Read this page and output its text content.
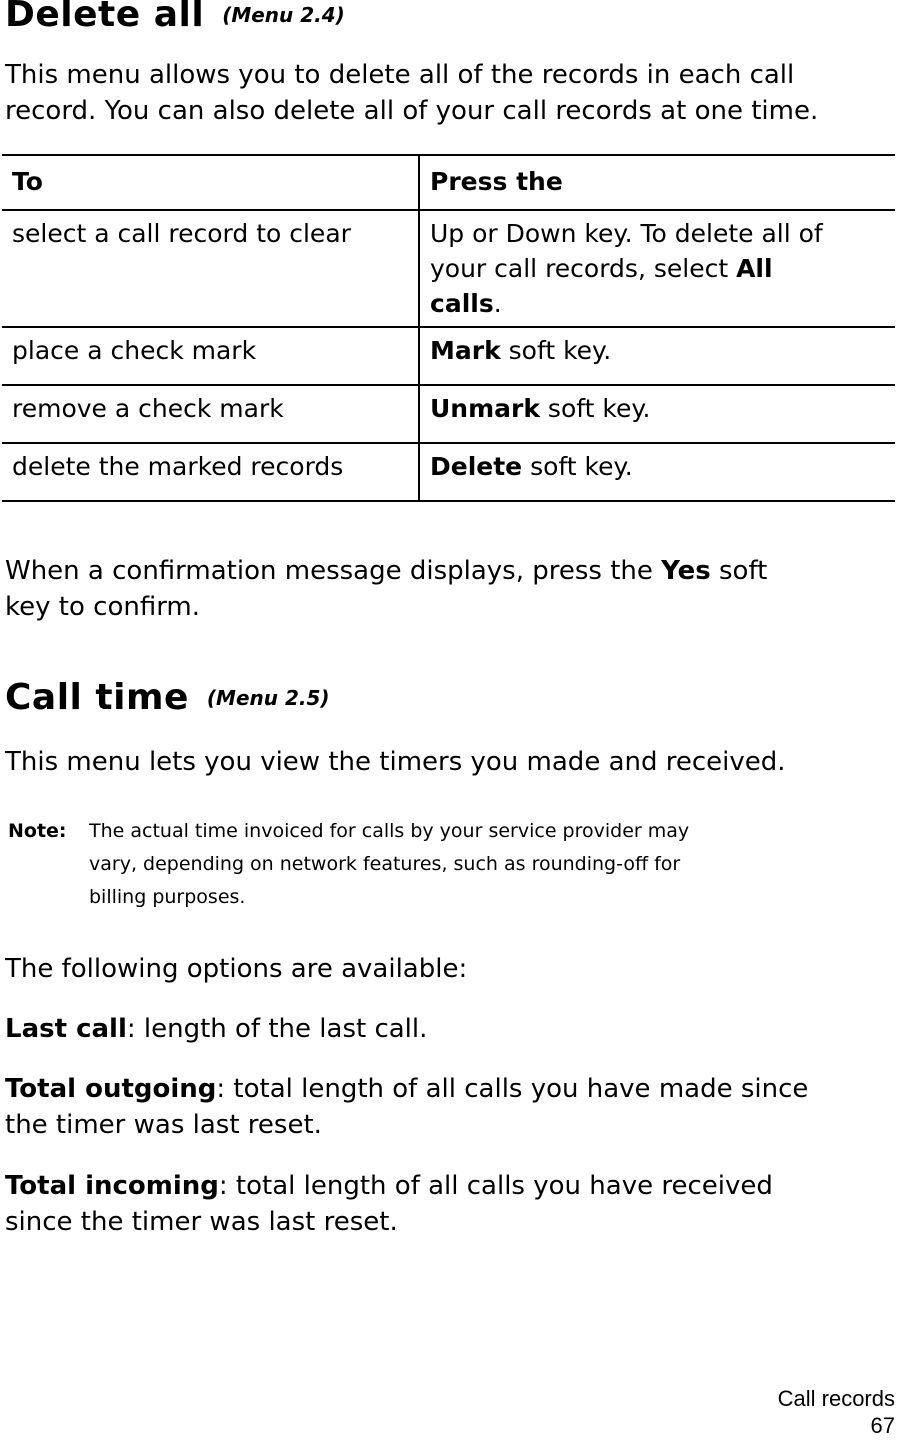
Delete all (Menu 2.4)

This menu allows you to delete all of the records in each call
record. You can also delete all of your call records at one time.

To	Press the
select a call record to clear	Up or Down key. To delete all of
your call records, select All
calls.
place a check mark	Mark soft key.
remove a check mark	Unmark soft key.
delete the marked records	Delete soft key.

When a confirmation message displays, press the Yes soft
key to confirm.

Call time (Menu 2.5)

This menu lets you view the timers you made and received.

Note: The actual time invoiced for calls by your service provider may
vary, depending on network features, such as rounding-off for
billing purposes.

The following options are available:

Last call: length of the last call.

Total outgoing: total length of all calls you have made since
the timer was last reset.

Total incoming: total length of all calls you have received
since the timer was last reset.

Call records
67
